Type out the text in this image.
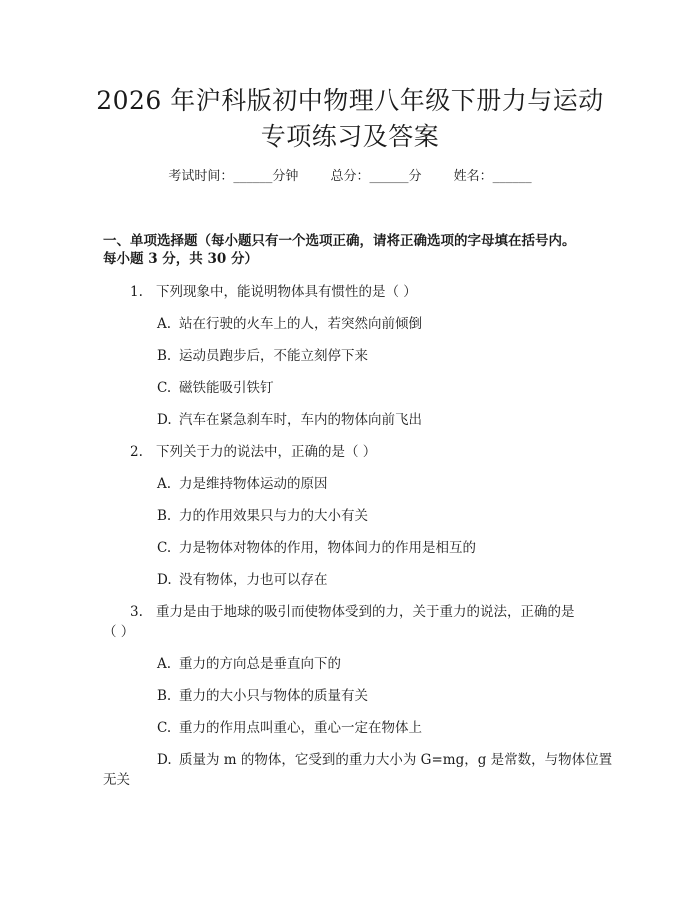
2026 年沪科版初中物理八年级下册力与运动
专项练习及答案
考试时间：______分钟 总分：______分 姓名：______
一、单项选择题（每小题只有一个选项正确，请将正确选项的字母填在括号内。
每小题 3 分，共 30 分）
1. 下列现象中，能说明物体具有惯性的是（ ）
A. 站在行驶的火车上的人，若突然向前倾倒
B. 运动员跑步后，不能立刻停下来
C. 磁铁能吸引铁钉
D. 汽车在紧急刹车时，车内的物体向前飞出
2. 下列关于力的说法中，正确的是（ ）
A. 力是维持物体运动的原因
B. 力的作用效果只与力的大小有关
C. 力是物体对物体的作用，物体间力的作用是相互的
D. 没有物体，力也可以存在
3. 重力是由于地球的吸引而使物体受到的力，关于重力的说法，正确的是
（ ）
A. 重力的方向总是垂直向下的
B. 重力的大小只与物体的质量有关
C. 重力的作用点叫重心，重心一定在物体上
D. 质量为 m 的物体，它受到的重力大小为 G=mg，g 是常数，与物体位置
无关
